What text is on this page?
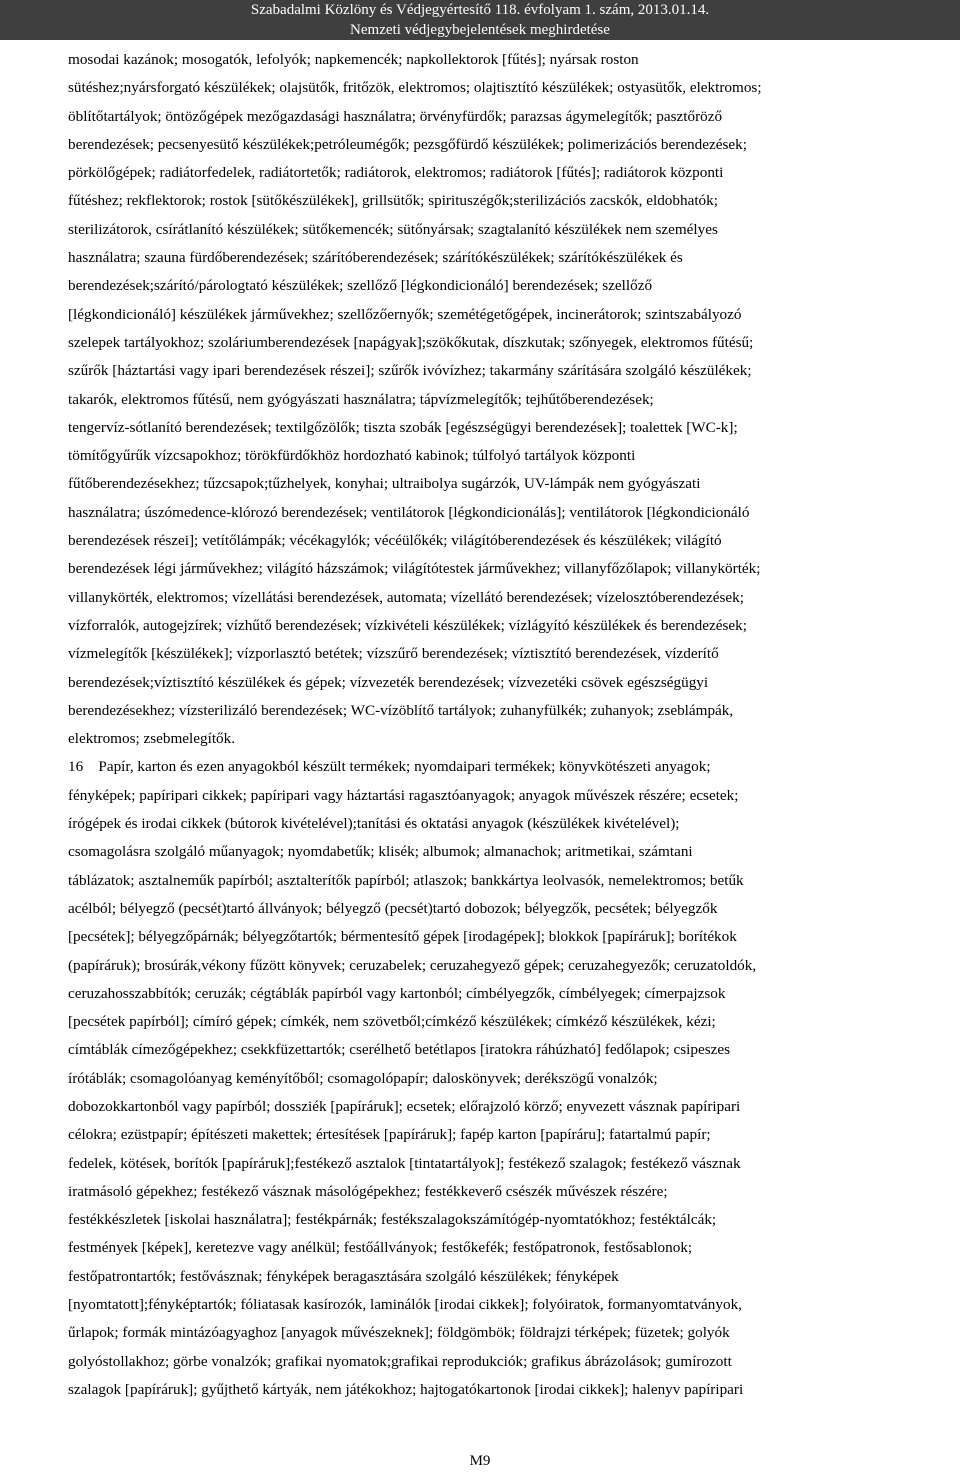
Szabadalmi Közlöny és Védjegyértesítő 118. évfolyam 1. szám, 2013.01.14.
Nemzeti védjegybejelentések meghirdetése
mosodai kazánok; mosogatók, lefolyók; napkemencék; napkollektorok [fűtés]; nyársak roston
sütéshez;nyársforgató készülékek; olajsütők, fritőzök, elektromos; olajtisztító készülékek; ostyasütők, elektromos;
öblítőtartályok; öntözőgépek mezőgazdasági használatra; örvényfürdők; parazsas ágymelegítők; pasztőröző
berendezések; pecsenyesütő készülékek;petróleumégők; pezsgőfürdő készülékek; polimerizációs berendezések;
pörkölőgépek; radiátorfedelek, radiátortetők; radiátorok, elektromos; radiátorok [fűtés]; radiátorok központi
fűtéshez; rekflektorok; rostok [sütőkészülékek], grillsütők; spirituszégők;sterilizációs zacskók, eldobhatók;
sterilizátorok, csírátlanító készülékek; sütőkemencék; sütőnyársak; szagtalanító készülékek nem személyes
használatra; szauna fürdőberendezések; szárítóberendezések; szárítókészülékek; szárítókészülékek és
berendezések;szárító/párologtató készülékek; szellőző [légkondicionáló] berendezések; szellőző
[légkondicionáló] készülékek járművekhez; szellőzőernyők; szemétégetőgépek, incinerátorok; szintszabályozó
szelepek tartályokhoz; szoláriumberendezések [napágyak];szökőkutak, díszkutak; szőnyegek, elektromos fűtésű;
szűrők [háztartási vagy ipari berendezések részei]; szűrők ivóvízhez; takarmány szárítására szolgáló készülékek;
takarók, elektromos fűtésű, nem gyógyászati használatra; tápvízmelegítők; tejhűtőberendezések;
tengervíz-sótlanító berendezések; textilgőzölők; tiszta szobák [egészségügyi berendezések]; toalettek [WC-k];
tömítőgyűrűk vízcsapokhoz; törökfürdőkhöz hordozható kabinok; túlfolyó tartályok központi
fűtőberendezésekhez; tűzcsapok;tűzhelyek, konyhai; ultraibolya sugárzók, UV-lámpák nem gyógyászati
használatra; úszómedence-klórozó berendezések; ventilátorok [légkondicionálás]; ventilátorok [légkondicionáló
berendezések részei]; vetítőlámpák; vécékagylók; vécéülőkék; világítóberendezések és készülékek; világító
berendezések légi járművekhez; világító házszámok; világítótestek járművekhez; villanyfőzőlapok; villanykörték;
villanykörték, elektromos; vízellátási berendezések, automata; vízellátó berendezések; vízelosztóberendezések;
vízforralók, autogejzírek; vízhűtő berendezések; vízkivételi készülékek; vízlágyító készülékek és berendezések;
vízmelegítők [készülékek]; vízporlasztó betétek; vízszűrő berendezések; víztisztító berendezések, vízderítő
berendezések;víztisztító készülékek és gépek; vízvezeték berendezések; vízvezetéki csövek egészségügyi
berendezésekhez; vízsterilizáló berendezések; WC-vízöblítő tartályok; zuhanyfülkék; zuhanyok; zseblámpák,
elektromos; zsebmelegítők.
16    Papír, karton és ezen anyagokból készült termékek; nyomdaipari termékek; könyvkötészeti anyagok;
fényképek; papíripari cikkek; papíripari vagy háztartási ragasztóanyagok; anyagok művészek részére; ecsetek;
írógépek és irodai cikkek (bútorok kivételével);tanítási és oktatási anyagok (készülékek kivételével);
csomagolásra szolgáló műanyagok; nyomdabetűk; klisék; albumok; almanachok; aritmetikai, számtani
táblázatok; asztalneműk papírból; asztalterítők papírból; atlaszok; bankkártya leolvasók, nemelektromos; betűk
acélból; bélyegző (pecsét)tartó állványok; bélyegző (pecsét)tartó dobozok; bélyegzők, pecsétek; bélyegzők
[pecsétek]; bélyegzőpárnák; bélyegzőtartók; bérmentesítő gépek [irodagépek]; blokkok [papíráruk]; borítékok
(papíráruk); brosúrák,vékony fűzött könyvek; ceruzabelek; ceruzahegyező gépek; ceruzahegyezők; ceruzatoldók,
ceruzahosszabbítók; ceruzák; cégtáblák papírból vagy kartonból; címbélyegzők, címbélyegek; címerpajzsok
[pecsétek papírból]; címíró gépek; címkék, nem szövetből;címkéző készülékek; címkéző készülékek, kézi;
címtáblák címezőgépekhez; csekkfüzettartók; cserélhető betétlapos [iratokra ráhúzható] fedőlapok; csipeszes
írótáblák; csomagolóanyag keményítőből; csomagolópapír; daloskönyvek; derékszögű vonalzók;
dobozokkartonból vagy papírból; dossziék [papíráruk]; ecsetek; előrajzoló körző; enyvezett vásznak papíripari
célokra; ezüstpapír; építészeti makettek; értesítések [papíráruk]; fapép karton [papíráru]; fatartalmú papír;
fedelek, kötések, borítók [papíráruk];festékező asztalok [tintatartályok]; festékező szalagok; festékező vásznak
iratmásoló gépekhez; festékező vásznak másológépekhez; festékkeverő csészék művészek részére;
festékkészletek [iskolai használatra]; festékpárnák; festékszalagokszámítógép-nyomtatókhoz; festéktálcák;
festmények [képek], keretezve vagy anélkül; festőállványok; festőkefék; festőpatronok, festősablonok;
festőpatrontartók; festővásznak; fényképek beragasztására szolgáló készülékek; fényképek
[nyomtatott];fényképtartók; fóliatasak kasírozók, laminálók [irodai cikkek]; folyóiratok, formanyomtatványok,
űrlapok; formák mintázóagyaghoz [anyagok művészeknek]; földgömbök; földrajzi térképek; füzetek; golyók
golyóstollakhoz; görbe vonalzók; grafikai nyomatok;grafikai reprodukciók; grafikus ábrázolások; gumírozott
szalagok [papíráruk]; gyűjthető kártyák, nem játékokhoz; hajtogatókartonok [irodai cikkek]; halenyv papíripari
M9
